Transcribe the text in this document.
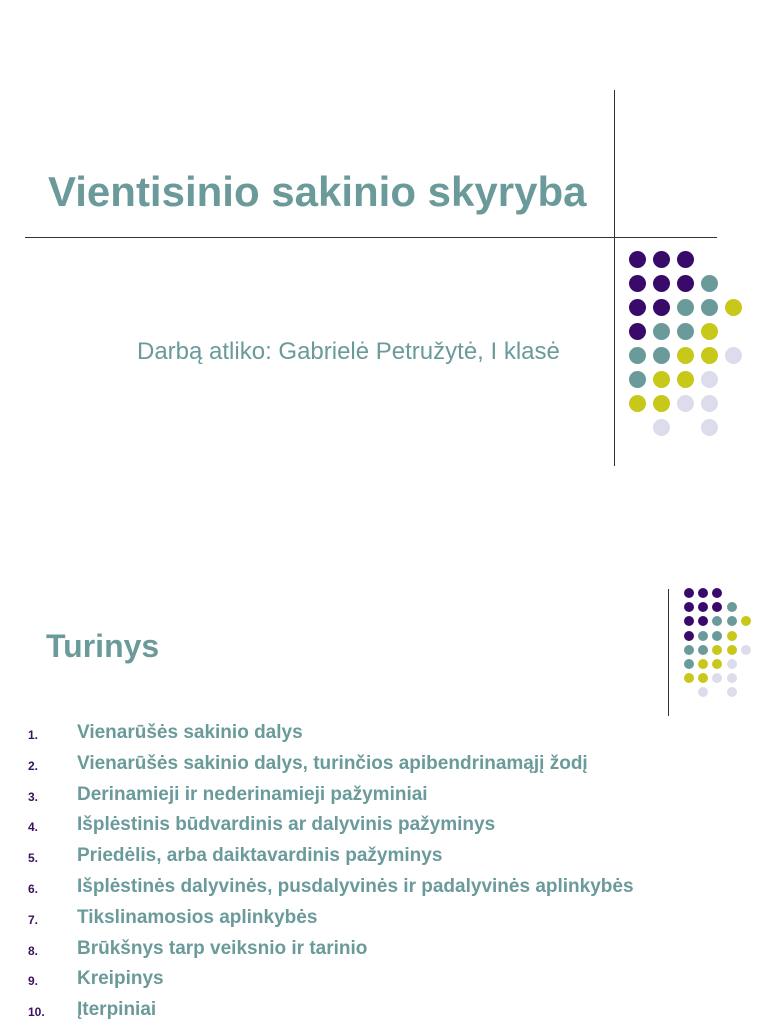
Vientisinio sakinio skyryba
Darbą atliko: Gabrielė Petružytė, I klasė
Turinys
1. Vienarūšės sakinio dalys
2. Vienarūšės sakinio dalys, turinčios apibendrinamąjį žodį
3. Derinamieji ir nederinamieji pažyminiai
4. Išplėstinis būdvardinis ar dalyvinis pažyminys
5. Priedėlis, arba daiktavardinis pažyminys
6. Išplėstinės dalyvinės, pusdalyvinės ir padalyvinės aplinkybės
7. Tikslinamosios aplinkybės
8. Brūkšnys tarp veiksnio ir tarinio
9. Kreipinys
10. Įterpiniai
